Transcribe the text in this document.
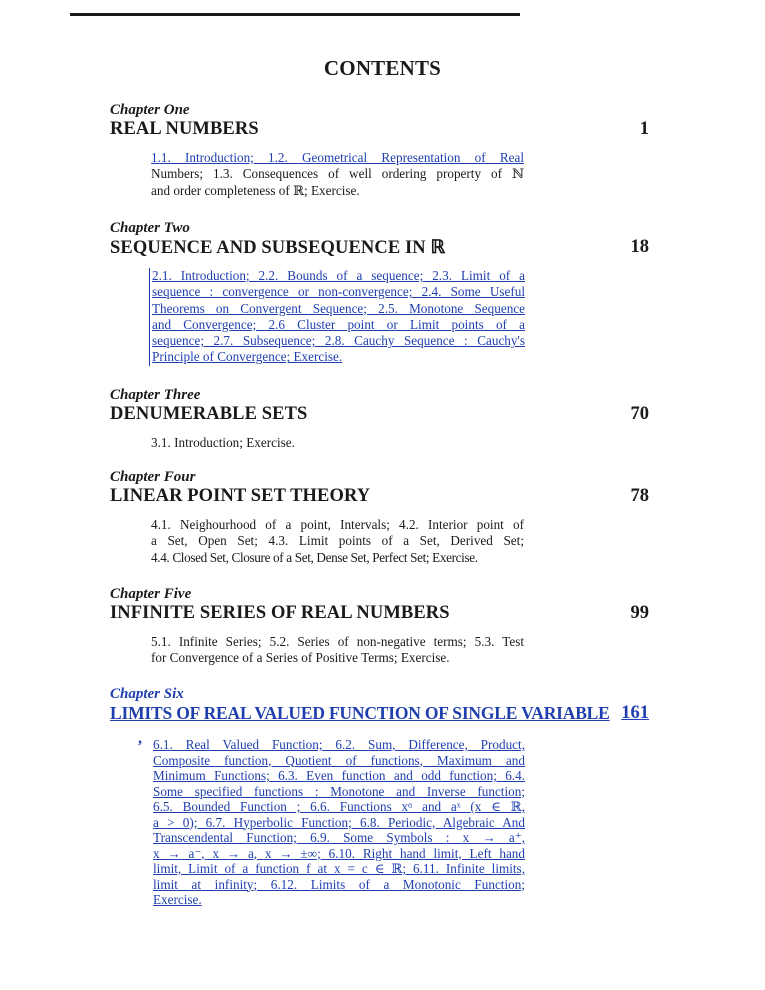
CONTENTS
Chapter One
REAL NUMBERS	1
1.1. Introduction; 1.2. Geometrical Representation of Real
Numbers; 1.3. Consequences of well ordering property of ℕ
and order completeness of ℝ; Exercise.
Chapter Two
SEQUENCE AND SUBSEQUENCE IN ℝ	18
2.1. Introduction; 2.2. Bounds of a sequence; 2.3. Limit of a
sequence : convergence or non-convergence; 2.4. Some Useful
Theorems on Convergent Sequence; 2.5. Monotone Sequence
and Convergence; 2.6 Cluster point or Limit points of a
sequence; 2.7. Subsequence; 2.8. Cauchy Sequence : Cauchy's
Principle of Convergence; Exercise.
Chapter Three
DENUMERABLE SETS	70
3.1. Introduction; Exercise.
Chapter Four
LINEAR POINT SET THEORY	78
4.1. Neighourhood of a point, Intervals; 4.2. Interior point of
a Set, Open Set; 4.3. Limit points of a Set, Derived Set;
4.4. Closed Set, Closure of a Set, Dense Set, Perfect Set; Exercise.
Chapter Five
INFINITE SERIES OF REAL NUMBERS	99
5.1. Infinite Series; 5.2. Series of non-negative terms; 5.3. Test
for Convergence of a Series of Positive Terms; Exercise.
Chapter Six
LIMITS OF REAL VALUED FUNCTION OF SINGLE VARIABLE 161
, 6.1. Real Valued Function; 6.2. Sum, Difference, Product,
Composite function, Quotient of functions, Maximum and
Minimum Functions; 6.3. Even function and odd function; 6.4.
Some specified functions : Monotone and Inverse function;
6.5. Bounded Function ; 6.6. Functions xᵅ and aˣ (x ∈ ℝ,
a > 0); 6.7. Hyperbolic Function; 6.8. Periodic, Algebraic And
Transcendental Function; 6.9. Some Symbols : x → a⁺,
x → a⁻, x → a, x → ±∞; 6.10. Right hand limit, Left hand
limit, Limit of a function f at x = c ∈ ℝ; 6.11. Infinite limits,
limit at infinity; 6.12. Limits of a Monotonic Function;
Exercise.
